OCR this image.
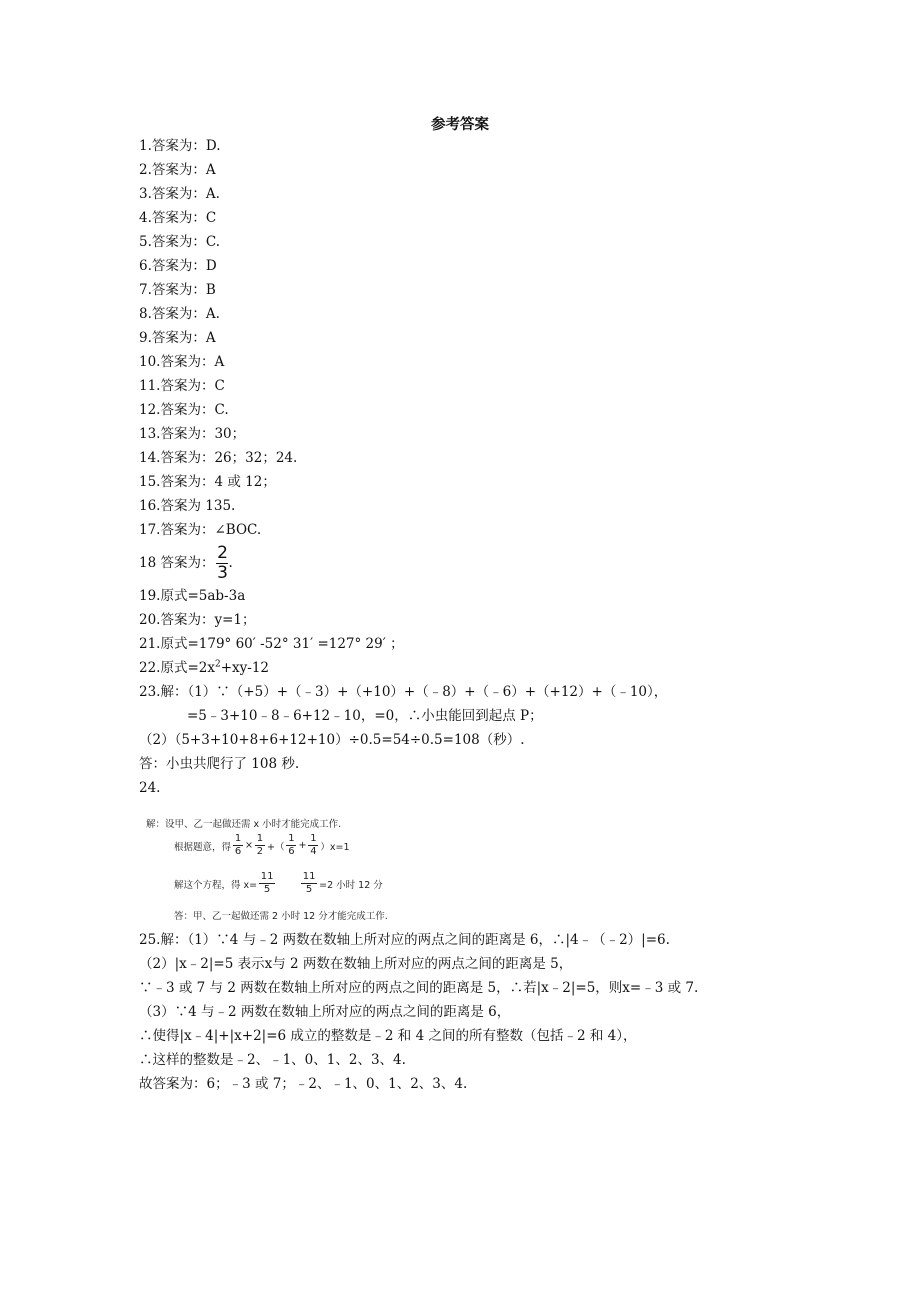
参考答案
1.答案为：D.
2.答案为：A
3.答案为：A.
4.答案为：C
5.答案为：C.
6.答案为：D
7.答案为：B
8.答案为：A.
9.答案为：A
10.答案为：A
11.答案为：C
12.答案为：C.
13.答案为：30；
14.答案为：26；32；24.
15.答案为：4 或 12；
16.答案为 135.
17.答案为：∠BOC.
18 答案为： $\frac{2}{3}$ .
19.原式=5ab-3a
20.答案为：y=1；
21.原式=179° 60′ -52° 31′ =127° 29′ ；
22.原式$=2x^2+xy-12$
23.解：（1）∵（+5）+（﹣3）+（+10）+（﹣8）+（﹣6）+（+12）+（﹣10），
=5﹣3+10﹣8﹣6+12﹣10，=0，∴小虫能回到起点 P；
（2）（5+3+10+8+6+12+10）÷0.5=54÷0.5=108（秒）.
答：小虫共爬行了 108 秒.
24.
解：设甲、乙一起做还需 x 小时才能完成工作.
根据题意，得
1
6
×
1
2 +（
1
6
+
1
4 ）x=1
解这个方程，得 x=
11
5
11
5 =2 小时 12 分
答：甲、乙一起做还需 2 小时 12 分才能完成工作.
25.解：（1）∵4 与﹣2 两数在数轴上所对应的两点之间的距离是 6，∴|4﹣（﹣2）|=6.
（2）|x﹣2|=5 表示x与 2 两数在数轴上所对应的两点之间的距离是 5，
∵﹣3 或 7 与 2 两数在数轴上所对应的两点之间的距离是 5，∴若|x﹣2|=5，则x=﹣3 或 7.
（3）∵4 与﹣2 两数在数轴上所对应的两点之间的距离是 6，
∴使得|x﹣4|+|x+2|=6 成立的整数是﹣2 和 4 之间的所有整数（包括﹣2 和 4），
∴这样的整数是﹣2、﹣1、0、1、2、3、4.
故答案为：6；﹣3 或 7；﹣2、﹣1、0、1、2、3、4.
